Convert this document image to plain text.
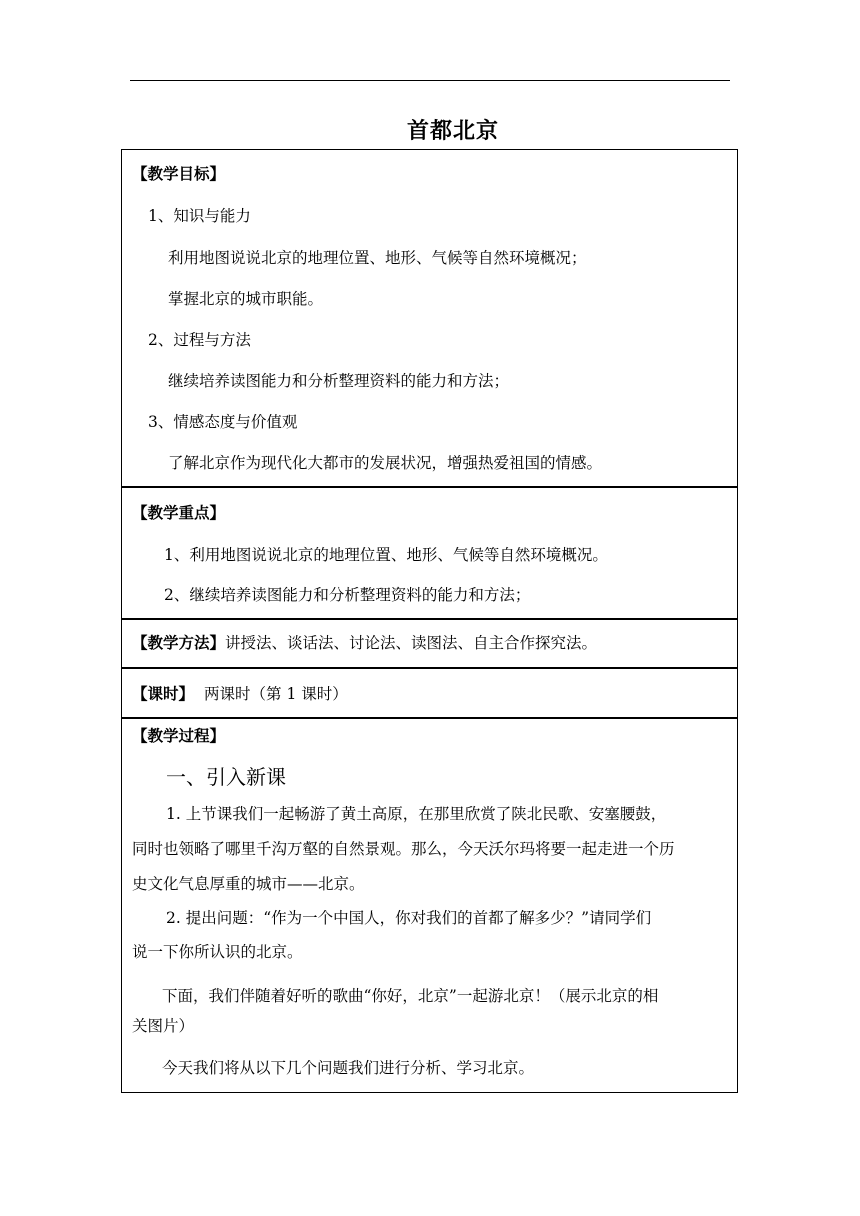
首都北京
【教学目标】
1、知识与能力
利用地图说说北京的地理位置、地形、气候等自然环境概况；
掌握北京的城市职能。
2、过程与方法
继续培养读图能力和分析整理资料的能力和方法；
3、情感态度与价值观
了解北京作为现代化大都市的发展状况，增强热爱祖国的情感。
【教学重点】
1、利用地图说说北京的地理位置、地形、气候等自然环境概况。
2、继续培养读图能力和分析整理资料的能力和方法；
【教学方法】讲授法、谈话法、讨论法、读图法、自主合作探究法。
【课时】 两课时（第 1 课时）
【教学过程】
一、引入新课
1. 上节课我们一起畅游了黄土高原，在那里欣赏了陕北民歌、安塞腰鼓，
同时也领略了哪里千沟万壑的自然景观。那么，今天沃尔玛将要一起走进一个历
史文化气息厚重的城市——北京。
2. 提出问题：“作为一个中国人，你对我们的首都了解多少？”请同学们
说一下你所认识的北京。
下面，我们伴随着好听的歌曲“你好，北京”一起游北京！（展示北京的相
关图片）
今天我们将从以下几个问题我们进行分析、学习北京。
